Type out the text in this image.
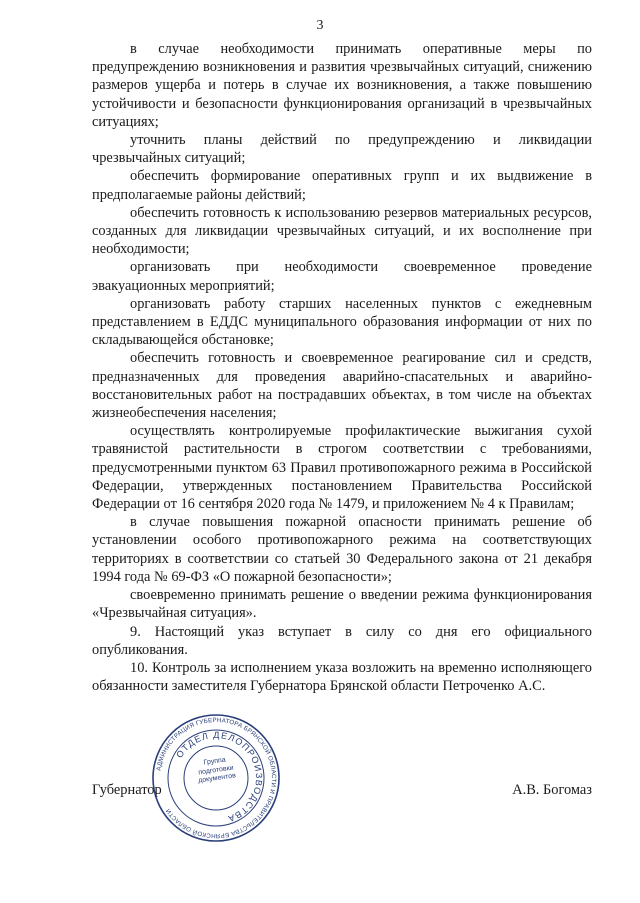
3

в случае необходимости принимать оперативные меры по предупреждению возникновения и развития чрезвычайных ситуаций, снижению размеров ущерба и потерь в случае их возникновения, а также повышению устойчивости и безопасности функционирования организаций в чрезвычайных ситуациях;

уточнить планы действий по предупреждению и ликвидации чрезвычайных ситуаций;

обеспечить формирование оперативных групп и их выдвижение в предполагаемые районы действий;

обеспечить готовность к использованию резервов материальных ресурсов, созданных для ликвидации чрезвычайных ситуаций, и их восполнение при необходимости;

организовать при необходимости своевременное проведение эвакуационных мероприятий;

организовать работу старших населенных пунктов с ежедневным представлением в ЕДДС муниципального образования информации от них по складывающейся обстановке;

обеспечить готовность и своевременное реагирование сил и средств, предназначенных для проведения аварийно-спасательных и аварийно-восстановительных работ на пострадавших объектах, в том числе на объектах жизнеобеспечения населения;

осуществлять контролируемые профилактические выжигания сухой травянистой растительности в строгом соответствии с требованиями, предусмотренными пунктом 63 Правил противопожарного режима в Российской Федерации, утвержденных постановлением Правительства Российской Федерации от 16 сентября 2020 года № 1479, и приложением № 4 к Правилам;

в случае повышения пожарной опасности принимать решение об установлении особого противопожарного режима на соответствующих территориях в соответствии со статьей 30 Федерального закона от 21 декабря 1994 года № 69-ФЗ «О пожарной безопасности»;

своевременно принимать решение о введении режима функционирования «Чрезвычайная ситуация».

9. Настоящий указ вступает в силу со дня его официального опубликования.

10. Контроль за исполнением указа возложить на временно исполняющего обязанности заместителя Губернатора Брянской области Петроченко А.С.

Губернатор	А.В. Богомаз
АДМИНИСТРАЦИЯ ГУБЕРНАТОРА БРЯНСКОЙ ОБЛАСТИ И ПРАВИТЕЛЬСТВА БРЯНСКОЙ ОБЛАСТИ
ОТДЕЛ ДЕЛОПРОИЗВОДСТВА
Группа подготовки документов
